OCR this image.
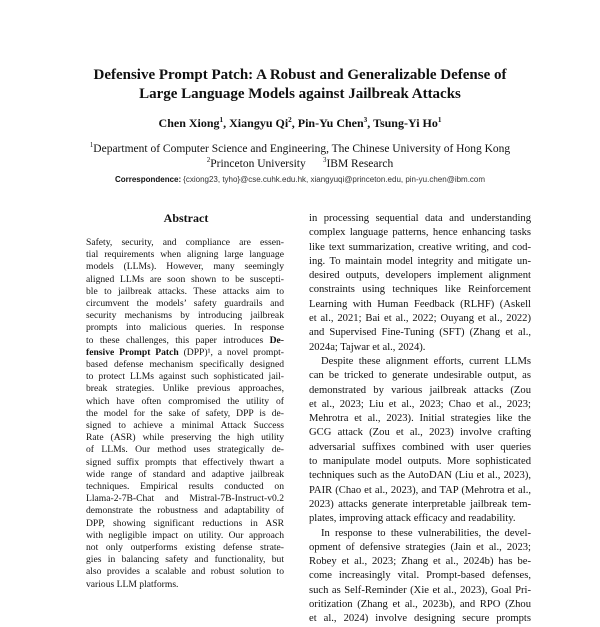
Defensive Prompt Patch: A Robust and Generalizable Defense of
Large Language Models against Jailbreak Attacks
Chen Xiong$^1$, Xiangyu Qi$^2$, Pin-Yu Chen$^3$, Tsung-Yi Ho$^1$
$^1$Department of Computer Science and Engineering, The Chinese University of Hong Kong
$^2$Princeton University	$^3$IBM Research
Correspondence: {cxiong23, tyho}@cse.cuhk.edu.hk, xiangyuqi@princeton.edu, pin-yu.chen@ibm.com
Abstract
Safety, security, and compliance are essen-
tial requirements when aligning large language
models (LLMs). However, many seemingly
aligned LLMs are soon shown to be suscepti-
ble to jailbreak attacks. These attacks aim to
circumvent the models’ safety guardrails and
security mechanisms by introducing jailbreak
prompts into malicious queries. In response
to these challenges, this paper introduces De-
fensive Prompt Patch (DPP)¹, a novel prompt-
based defense mechanism specifically designed
to protect LLMs against such sophisticated jail-
break strategies. Unlike previous approaches,
which have often compromised the utility of
the model for the sake of safety, DPP is de-
signed to achieve a minimal Attack Success
Rate (ASR) while preserving the high utility
of LLMs. Our method uses strategically de-
signed suffix prompts that effectively thwart a
wide range of standard and adaptive jailbreak
techniques. Empirical results conducted on
Llama-2-7B-Chat and Mistral-7B-Instruct-v0.2
demonstrate the robustness and adaptability of
DPP, showing significant reductions in ASR
with negligible impact on utility. Our approach
not only outperforms existing defense strate-
gies in balancing safety and functionality, but
also provides a scalable and robust solution to
various LLM platforms.
in processing sequential data and understanding
complex language patterns, hence enhancing tasks
like text summarization, creative writing, and cod-
ing. To maintain model integrity and mitigate un-
desired outputs, developers implement alignment
constraints using techniques like Reinforcement
Learning with Human Feedback (RLHF) (Askell
et al., 2021; Bai et al., 2022; Ouyang et al., 2022)
and Supervised Fine-Tuning (SFT) (Zhang et al.,
2024a; Tajwar et al., 2024).
Despite these alignment efforts, current LLMs
can be tricked to generate undesirable output, as
demonstrated by various jailbreak attacks (Zou
et al., 2023; Liu et al., 2023; Chao et al., 2023;
Mehrotra et al., 2023). Initial strategies like the
GCG attack (Zou et al., 2023) involve crafting
adversarial suffixes combined with user queries
to manipulate model outputs. More sophisticated
techniques such as the AutoDAN (Liu et al., 2023),
PAIR (Chao et al., 2023), and TAP (Mehrotra et al.,
2023) attacks generate interpretable jailbreak tem-
plates, improving attack efficacy and readability.
In response to these vulnerabilities, the devel-
opment of defensive strategies (Jain et al., 2023;
Robey et al., 2023; Zhang et al., 2024b) has be-
come increasingly vital. Prompt-based defenses,
such as Self-Reminder (Xie et al., 2023), Goal Pri-
oritization (Zhang et al., 2023b), and RPO (Zhou
et al., 2024) involve designing secure prompts
